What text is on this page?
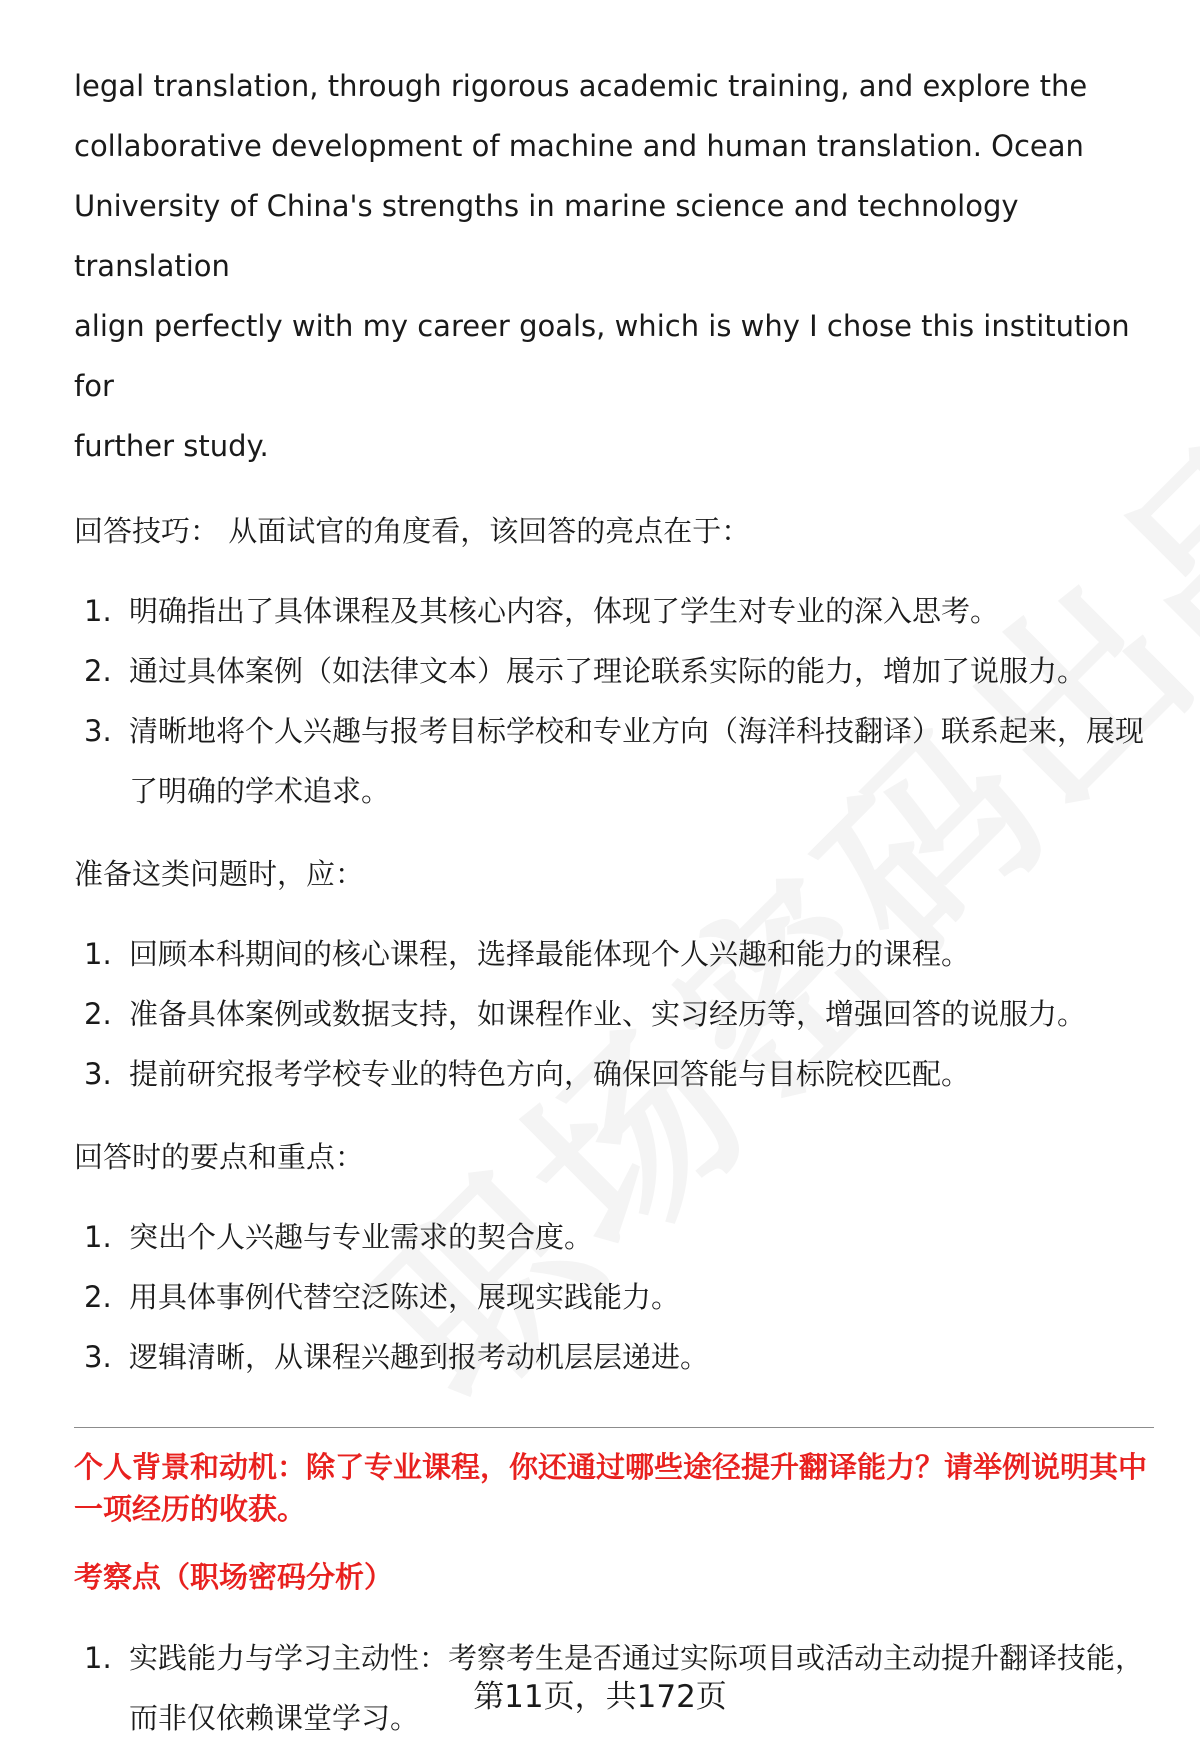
legal translation, through rigorous academic training, and explore the

collaborative development of machine and human translation. Ocean

University of China's strengths in marine science and technology translation

align perfectly with my career goals, which is why I chose this institution for

further study.

回答技巧： 从面试官的角度看，该回答的亮点在于：

1. 明确指出了具体课程及其核心内容，体现了学生对专业的深入思考。
2. 通过具体案例（如法律文本）展示了理论联系实际的能力，增加了说服力。
3. 清晰地将个人兴趣与报考目标学校和专业方向（海洋科技翻译）联系起来，展现了明确的学术追求。

准备这类问题时，应：

1. 回顾本科期间的核心课程，选择最能体现个人兴趣和能力的课程。
2. 准备具体案例或数据支持，如课程作业、实习经历等，增强回答的说服力。
3. 提前研究报考学校专业的特色方向，确保回答能与目标院校匹配。

回答时的要点和重点：

1. 突出个人兴趣与专业需求的契合度。
2. 用具体事例代替空泛陈述，展现实践能力。
3. 逻辑清晰，从课程兴趣到报考动机层层递进。

个人背景和动机：除了专业课程，你还通过哪些途径提升翻译能力？请举例说明其中一项经历的收获。

考察点（职场密码分析）

1. 实践能力与学习主动性：考察考生是否通过实际项目或活动主动提升翻译技能，而非仅依赖课堂学习。
第11页，共172页
